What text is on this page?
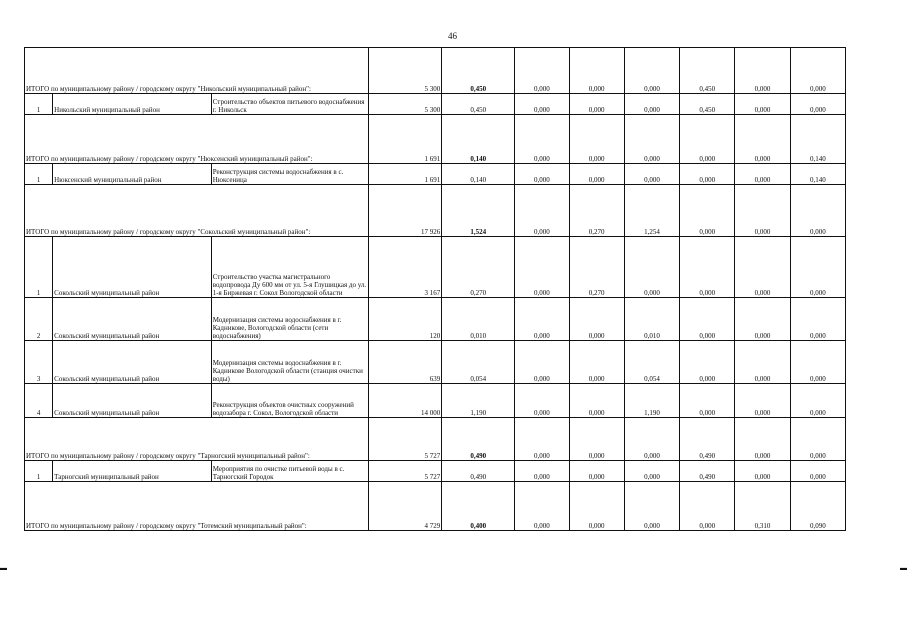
46
ИТОГО по муниципальному району / городскому округу "Никольский муниципальный район":			5 300	0,450	0,000	0,000	0,000	0,450	0,000	0,000
1	Никольский муниципальный район	Строительство объектов питьевого водоснабжения г. Никольск	5 300	0,450	0,000	0,000	0,000	0,450	0,000	0,000
ИТОГО по муниципальному району / городскому округу "Нюксенский муниципальный район":			1 691	0,140	0,000	0,000	0,000	0,000	0,000	0,140
1	Нюксенский муниципальный район	Реконструкция системы водоснабжения в с. Нюксеница	1 691	0,140	0,000	0,000	0,000	0,000	0,000	0,140
ИТОГО по муниципальному району / городскому округу "Сокольский муниципальный район":			17 926	1,524	0,000	0,270	1,254	0,000	0,000	0,000
1	Сокольский муниципальный район	Строительство участка магистрального водопровода Ду 600 мм от ул. 5-я Глушицкая до ул. 1-я Биржевая г. Сокол Вологодской области	3 167	0,270	0,000	0,270	0,000	0,000	0,000	0,000
2	Сокольский муниципальный район	Модернизация системы водоснабжения в г. Кадникове, Вологодской области (сети водоснабжения)	120	0,010	0,000	0,000	0,010	0,000	0,000	0,000
3	Сокольский муниципальный район	Модернизация системы водоснабжения в г. Кадникове Вологодской области (станция очистки воды)	639	0,054	0,000	0,000	0,054	0,000	0,000	0,000
4	Сокольский муниципальный район	Реконструкция объектов очистных сооружений водозабора г. Сокол, Вологодской области	14 000	1,190	0,000	0,000	1,190	0,000	0,000	0,000
ИТОГО по муниципальному району / городскому округу "Тарногский муниципальный район":			5 727	0,490	0,000	0,000	0,000	0,490	0,000	0,000
1	Тарногский муниципальный район	Мероприятия по очистке питьевой воды в с. Тарногский Городок	5 727	0,490	0,000	0,000	0,000	0,490	0,000	0,000
ИТОГО по муниципальному району / городскому округу "Тотемский муниципальный район":			4 729	0,400	0,000	0,000	0,000	0,000	0,310	0,090
▬	▬
